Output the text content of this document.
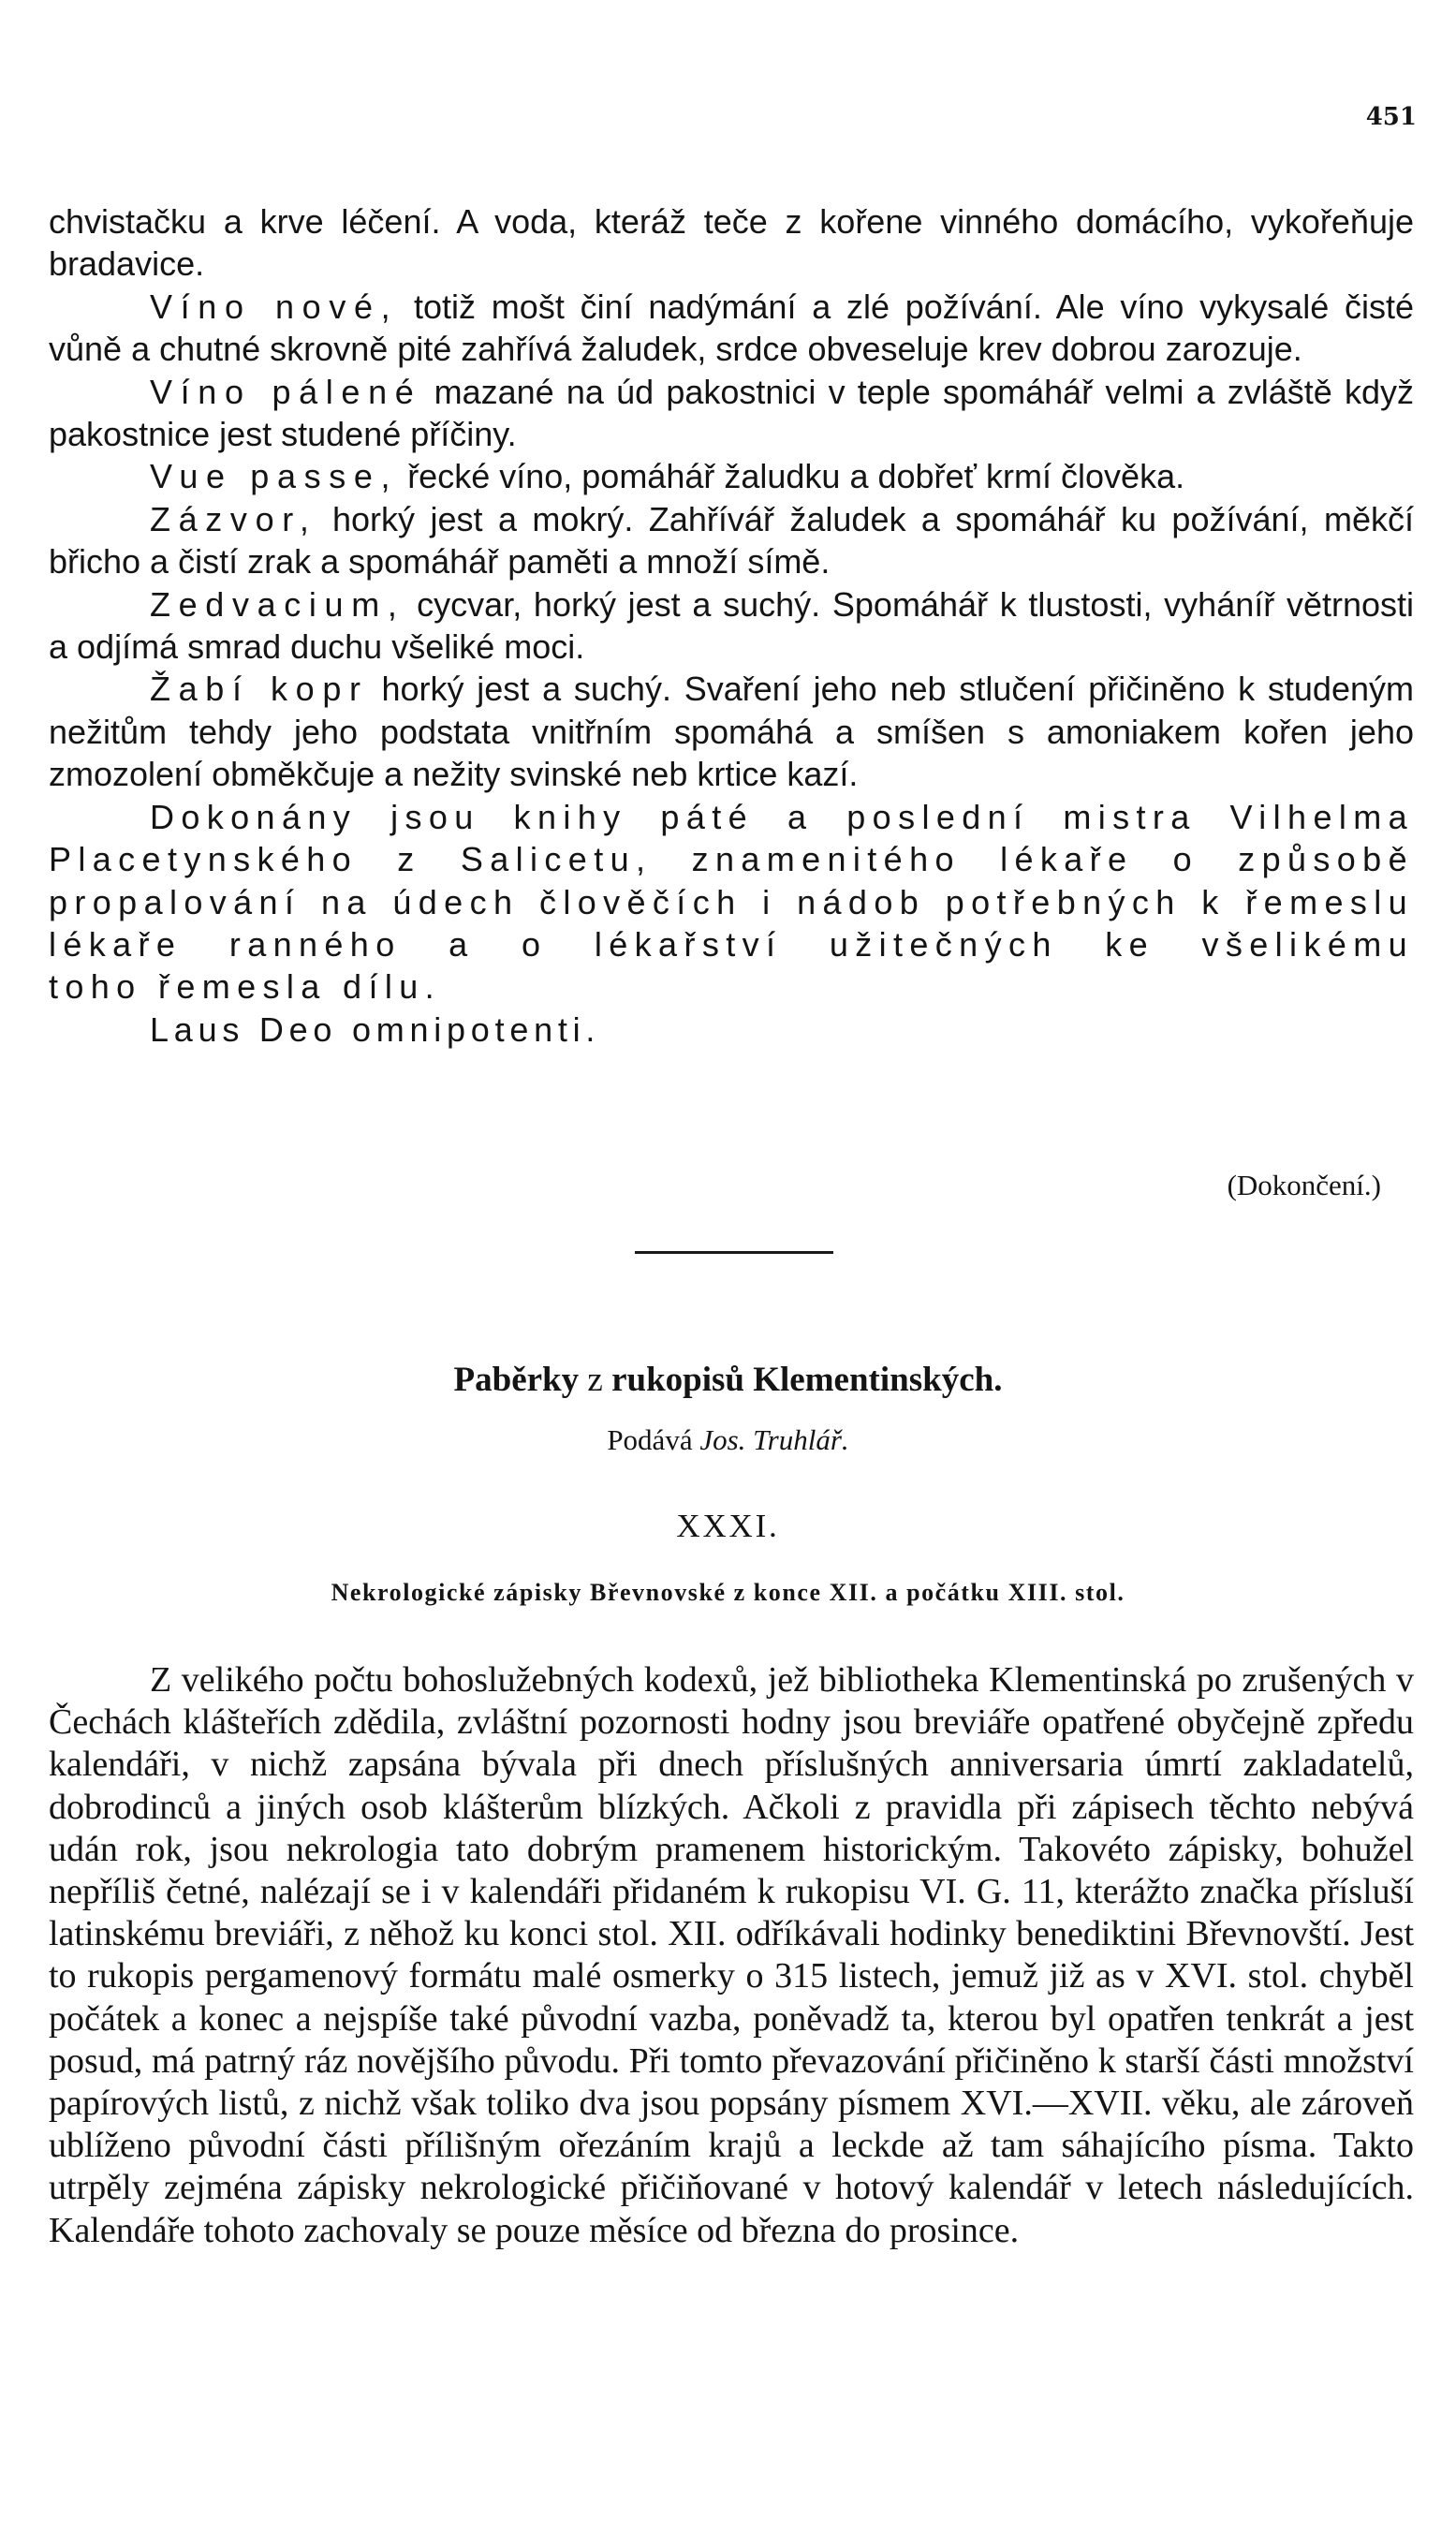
451

chvistačku a krve léčení. A voda, kteráž teče z kořene vinného domácího, vykořeňuje bradavice.

Víno nové, totiž mošt činí nadýmání a zlé požívání. Ale víno vykysalé čisté vůně a chutné skrovně pité zahřívá žaludek, srdce obveseluje krev dobrou zarozuje.

Víno pálené mazané na úd pakostnici v teple spomáhář velmi a zvláště když pakostnice jest studené příčiny.

Vue passe, řecké víno, pomáhář žaludku a dobřeť krmí člověka.

Zázvor, horký jest a mokrý. Zahřívář žaludek a spomáhář ku požívání, měkčí břicho a čistí zrak a spomáhář paměti a množí símě.

Zedvacium, cycvar, horký jest a suchý. Spomáhář k tlustosti, vyháníř větrnosti a odjímá smrad duchu všeliké moci.

Žabí kopr horký jest a suchý. Svaření jeho neb stlučení přičiněno k studeným nežitům tehdy jeho podstata vnitřním spomáhá a smíšen s amoniakem kořen jeho zmozolení obměkčuje a nežity svinské neb krtice kazí.

Dokonány jsou knihy páté a poslední mistra Vilhelma Placetynského z Salicetu, znamenitého lékaře o způsobě propalování na údech člověčích i nádob potřebných k řemeslu lékaře ranného a o lékařství užitečných ke všelikému
toho řemesla dílu.

Laus Deo omnipotenti.

(Dokončení.)
Paběrky z rukopisů Klementinských.
Podává Jos. Truhlář.
XXXI.
Nekrologické zápisky Břevnovské z konce XII. a počátku XIII. stol.

Z velikého počtu bohoslužebných kodexů, jež bibliotheka Klementinská po zrušených v Čechách klášteřích zdědila, zvláštní pozornosti hodny jsou breviáře opatřené obyčejně zpředu kalendáři, v nichž zapsána bývala při dnech příslušných anniversaria úmrtí zakladatelů, dobrodinců a jiných osob klášterům blízkých. Ačkoli z pravidla při zápisech těchto nebývá udán rok, jsou nekrologia tato dobrým pramenem historickým. Takovéto zápisky, bohužel nepříliš četné, nalézají se i v kalendáři přidaném k rukopisu VI. G. 11, kterážto značka přísluší latinskému breviáři, z něhož ku konci stol. XII. odříkávali hodinky benediktini Břevnovští. Jest to rukopis pergamenový formátu malé osmerky o 315 listech, jemuž již as v XVI. stol. chyběl počátek a konec a nejspíše také původní vazba, poněvadž ta, kterou byl opatřen tenkrát a jest posud, má patrný ráz novějšího původu. Při tomto převazování přičiněno k starší části množství papírových listů, z nichž však toliko dva jsou popsány písmem XVI.—XVII. věku, ale zároveň ublíženo původní části přílišným ořezáním krajů a leckde až tam sáhajícího písma. Takto utrpěly zejména zápisky nekrologické přičiňované v hotový kalendář v letech následujících. Kalendáře tohoto zachovaly se pouze měsíce od března do prosince.
